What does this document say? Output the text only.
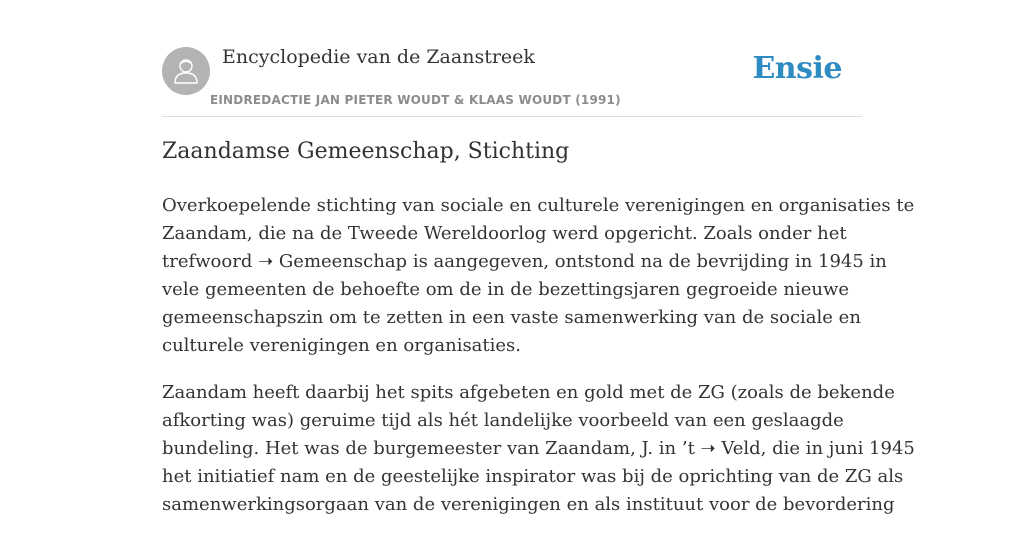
Encyclopedie van de Zaanstreek
EINDREDACTIE JAN PIETER WOUDT & KLAAS WOUDT (1991)
Ensie
Zaandamse Gemeenschap, Stichting

Overkoepelende stichting van sociale en culturele verenigingen en organisaties te
Zaandam, die na de Tweede Wereldoorlog werd opgericht. Zoals onder het
trefwoord ➝ Gemeenschap is aangegeven, ontstond na de bevrijding in 1945 in
vele gemeenten de behoefte om de in de bezettingsjaren gegroeide nieuwe
gemeenschapszin om te zetten in een vaste samenwerking van de sociale en
culturele verenigingen en organisaties.

Zaandam heeft daarbij het spits afgebeten en gold met de ZG (zoals de bekende
afkorting was) geruime tijd als hét landelijke voorbeeld van een geslaagde
bundeling. Het was de burgemeester van Zaandam, J. in ’t ➝ Veld, die in juni 1945
het initiatief nam en de geestelijke inspirator was bij de oprichting van de ZG als
samenwerkingsorgaan van de verenigingen en als instituut voor de bevordering
